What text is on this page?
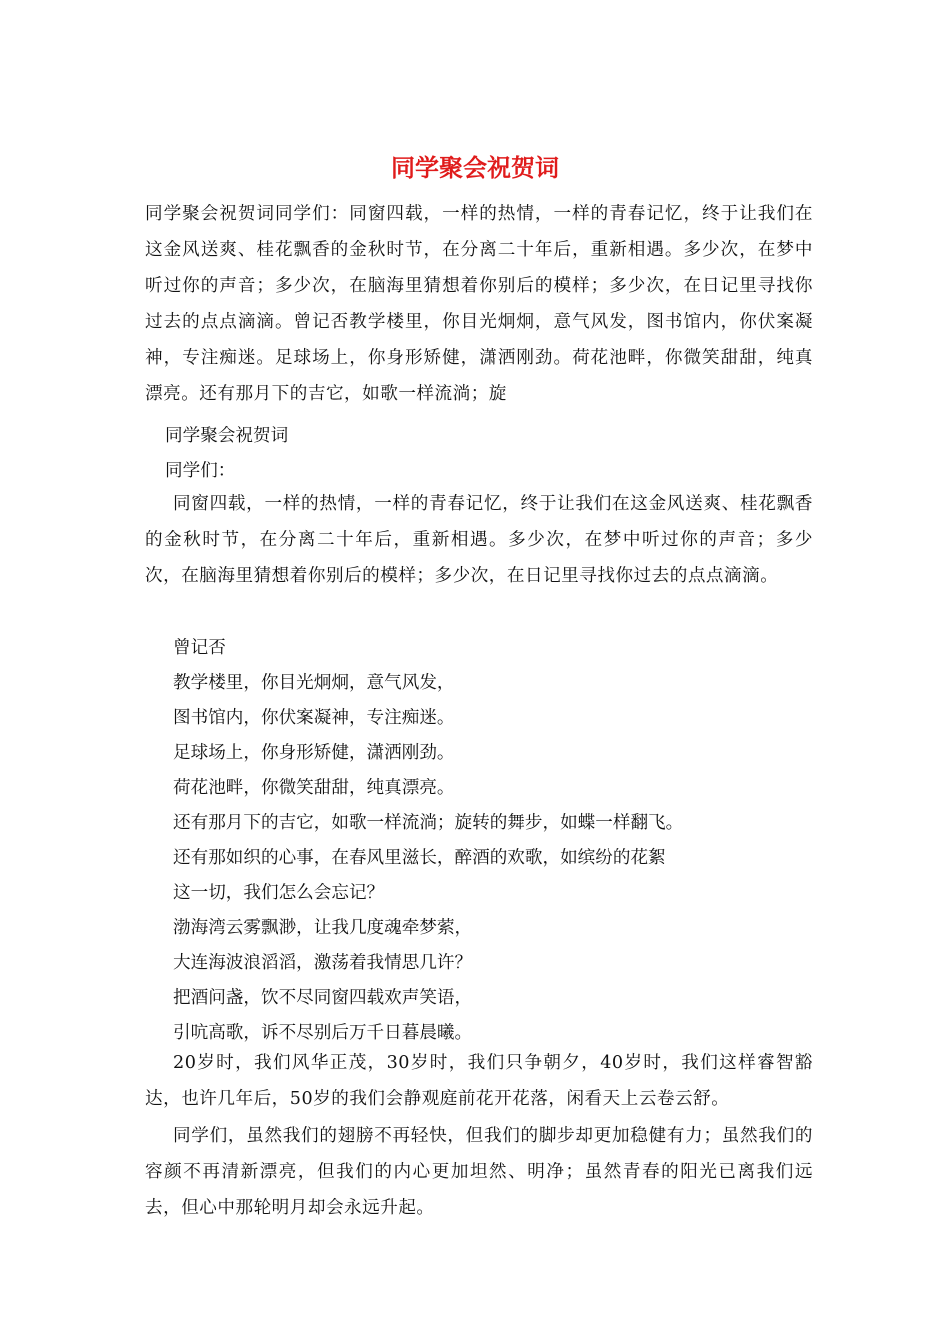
同学聚会祝贺词
同学聚会祝贺词同学们：同窗四载，一样的热情，一样的青春记忆，终于让我们在这金风送爽、桂花飘香的金秋时节，在分离二十年后，重新相遇。多少次，在梦中听过你的声音；多少次，在脑海里猜想着你别后的模样；多少次，在日记里寻找你过去的点点滴滴。曾记否教学楼里，你目光炯炯，意气风发，图书馆内，你伏案凝神，专注痴迷。足球场上，你身形矫健，潇洒刚劲。荷花池畔，你微笑甜甜，纯真漂亮。还有那月下的吉它，如歌一样流淌；旋
同学聚会祝贺词
同学们：
同窗四载，一样的热情，一样的青春记忆，终于让我们在这金风送爽、桂花飘香的金秋时节，在分离二十年后，重新相遇。多少次，在梦中听过你的声音；多少次，在脑海里猜想着你别后的模样；多少次，在日记里寻找你过去的点点滴滴。
曾记否
教学楼里，你目光炯炯，意气风发，
图书馆内，你伏案凝神，专注痴迷。
足球场上，你身形矫健，潇洒刚劲。
荷花池畔，你微笑甜甜，纯真漂亮。
还有那月下的吉它，如歌一样流淌；旋转的舞步，如蝶一样翻飞。
还有那如织的心事，在春风里滋长，醉酒的欢歌，如缤纷的花絮
这一切，我们怎么会忘记？
渤海湾云雾飘渺，让我几度魂牵梦萦，
大连海波浪滔滔，激荡着我情思几许？
把酒问盏，饮不尽同窗四载欢声笑语，
引吭高歌，诉不尽别后万千日暮晨曦。
20岁时，我们风华正茂，30岁时，我们只争朝夕，40岁时，我们这样睿智豁达，也许几年后，50岁的我们会静观庭前花开花落，闲看天上云卷云舒。
同学们，虽然我们的翅膀不再轻快，但我们的脚步却更加稳健有力；虽然我们的容颜不再清新漂亮，但我们的内心更加坦然、明净；虽然青春的阳光已离我们远去，但心中那轮明月却会永远升起。
